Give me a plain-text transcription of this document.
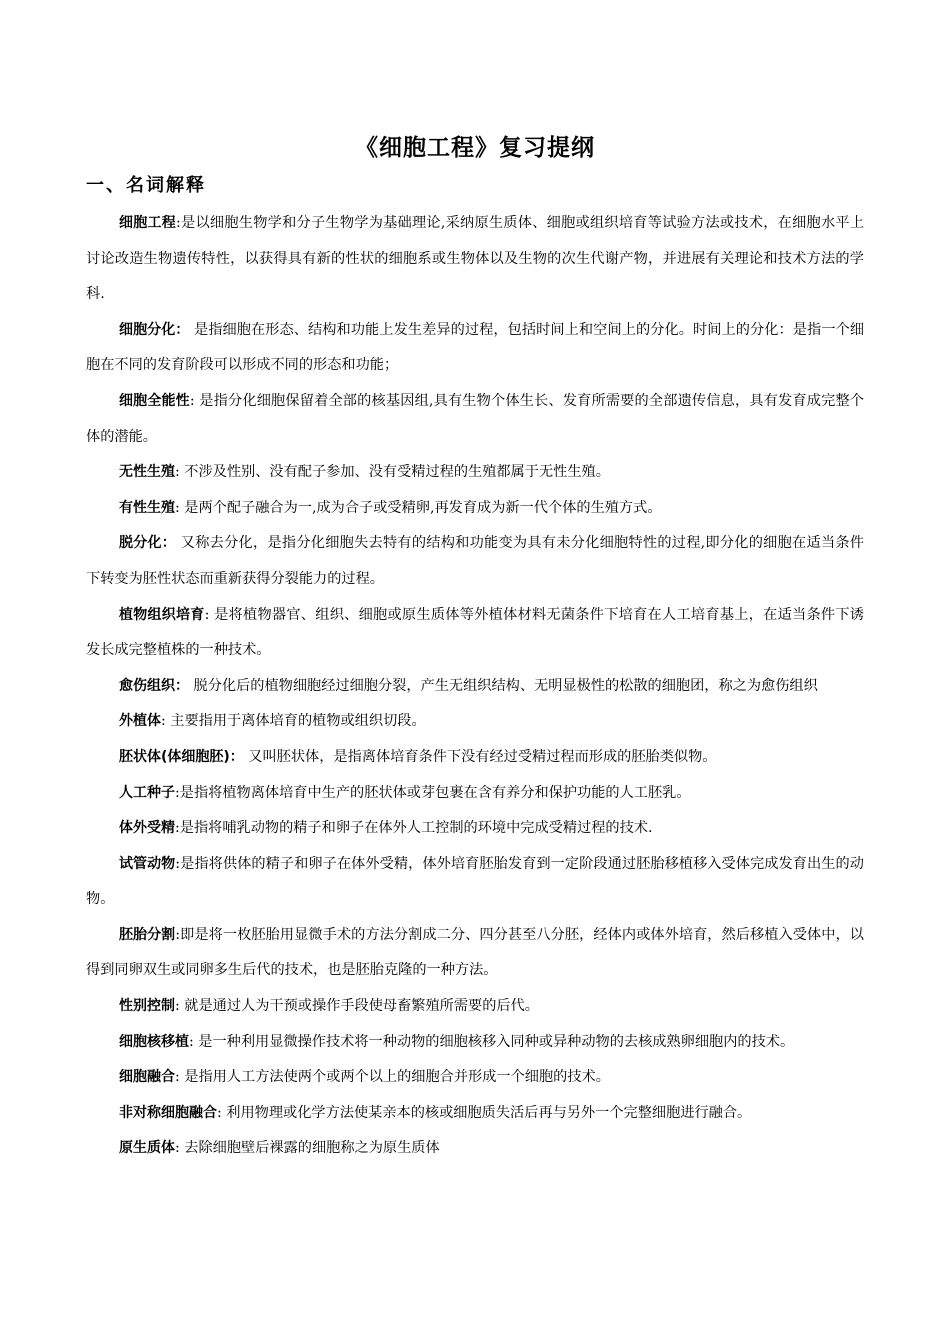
《细胞工程》复习提纲
一、名词解释

细胞工程:是以细胞生物学和分子生物学为基础理论,采纳原生质体、细胞或组织培育等试验方法或技术，在细胞水平上讨论改造生物遗传特性，以获得具有新的性状的细胞系或生物体以及生物的次生代谢产物，并进展有关理论和技术方法的学科.

细胞分化： 是指细胞在形态、结构和功能上发生差异的过程，包括时间上和空间上的分化。时间上的分化：是指一个细胞在不同的发育阶段可以形成不同的形态和功能；

细胞全能性: 是指分化细胞保留着全部的核基因组,具有生物个体生长、发育所需要的全部遗传信息，具有发育成完整个体的潜能。

无性生殖: 不涉及性别、没有配子参加、没有受精过程的生殖都属于无性生殖。

有性生殖: 是两个配子融合为一,成为合子或受精卵,再发育成为新一代个体的生殖方式。

脱分化： 又称去分化，是指分化细胞失去特有的结构和功能变为具有未分化细胞特性的过程,即分化的细胞在适当条件下转变为胚性状态而重新获得分裂能力的过程。

植物组织培育: 是将植物器官、组织、细胞或原生质体等外植体材料无菌条件下培育在人工培育基上，在适当条件下诱发长成完整植株的一种技术。

愈伤组织： 脱分化后的植物细胞经过细胞分裂，产生无组织结构、无明显极性的松散的细胞团，称之为愈伤组织

外植体: 主要指用于离体培育的植物或组织切段。

胚状体(体细胞胚)： 又叫胚状体，是指离体培育条件下没有经过受精过程而形成的胚胎类似物。

人工种子:是指将植物离体培育中生产的胚状体或芽包裹在含有养分和保护功能的人工胚乳。

体外受精:是指将哺乳动物的精子和卵子在体外人工控制的环境中完成受精过程的技术.

试管动物:是指将供体的精子和卵子在体外受精，体外培育胚胎发育到一定阶段通过胚胎移植移入受体完成发育出生的动物。

胚胎分割:即是将一枚胚胎用显微手术的方法分割成二分、四分甚至八分胚，经体内或体外培育，然后移植入受体中，以得到同卵双生或同卵多生后代的技术，也是胚胎克隆的一种方法。

性别控制: 就是通过人为干预或操作手段使母畜繁殖所需要的后代。

细胞核移植: 是一种利用显微操作技术将一种动物的细胞核移入同种或异种动物的去核成熟卵细胞内的技术。

细胞融合: 是指用人工方法使两个或两个以上的细胞合并形成一个细胞的技术。

非对称细胞融合: 利用物理或化学方法使某亲本的核或细胞质失活后再与另外一个完整细胞进行融合。

原生质体: 去除细胞壁后裸露的细胞称之为原生质体
